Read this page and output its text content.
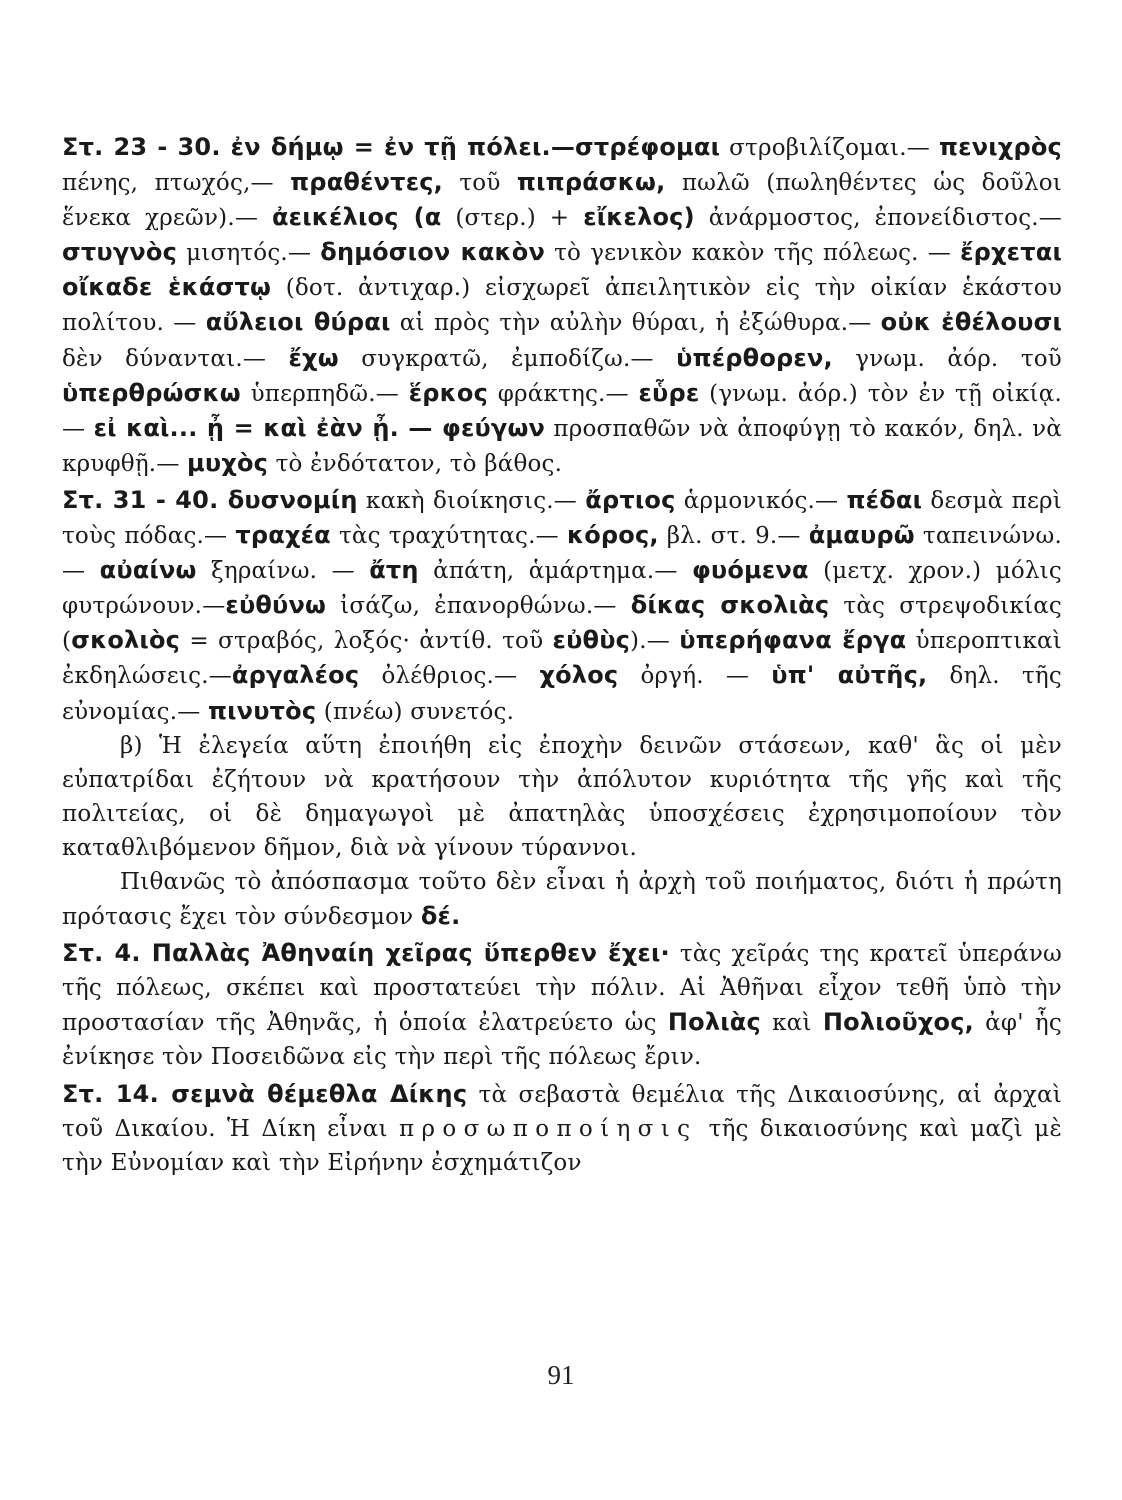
Στ. 23 - 30. ἐν δήμῳ = ἐν τῇ πόλει.—στρέφομαι στροβιλίζομαι.— πενιχρὸς πένης, πτωχός,— πραθέντες, τοῦ πιπράσκω, πωλῶ (πωληθέντες ὡς δοῦλοι ἕνεκα χρεῶν).— ἀεικέλιος (α (στερ.) + εἴκελος) ἀνάρμοστος, ἐπονείδιστος.— στυγνὸς μισητός.— δημόσιον κακὸν τὸ γενικὸν κακὸν τῆς πόλεως. — ἔρχεται οἴκαδε ἑκάστῳ (δοτ. ἀντιχαρ.) εἰσχωρεῖ ἀπειλητικὸν εἰς τὴν οἰκίαν ἑκάστου πολίτου. — αὔλειοι θύραι αἱ πρὸς τὴν αὐλὴν θύραι, ἡ ἐξώθυρα.— οὐκ ἐθέλουσι δὲν δύνανται.— ἔχω συγκρατῶ, ἐμποδίζω.— ὑπέρθορεν, γνωμ. ἀόρ. τοῦ ὑπερθρώσκω ὑπερπηδῶ.— ἕρκος φράκτης.— εὗρε (γνωμ. ἀόρ.) τὸν ἐν τῇ οἰκίᾳ.— εἰ καὶ... ᾖ = καὶ ἐὰν ᾖ. — φεύγων προσπαθῶν νὰ ἀποφύγῃ τὸ κακόν, δηλ. νὰ κρυφθῇ.— μυχὸς τὸ ἐνδότατον, τὸ βάθος.

Στ. 31 - 40. δυσνομίη κακὴ διοίκησις.— ἄρτιος ἁρμονικός.— πέδαι δεσμὰ περὶ τοὺς πόδας.— τραχέα τὰς τραχύτητας.— κόρος, βλ. στ. 9.— ἀμαυρῶ ταπεινώνω.— αὐαίνω ξηραίνω. — ἄτη ἀπάτη, ἁμάρτημα.— φυόμενα (μετχ. χρον.) μόλις φυτρώνουν.—εὐθύνω ἰσάζω, ἐπανορθώνω.— δίκας σκολιὰς τὰς στρεψοδικίας (σκολιὸς = στραβός, λοξός· ἀντίθ. τοῦ εὐθὺς).— ὑπερήφανα ἔργα ὑπεροπτικαὶ ἐκδηλώσεις.—ἀργαλέος ὀλέθριος.— χόλος ὀργή. — ὑπ' αὐτῆς, δηλ. τῆς εὐνομίας.— πινυτὸς (πνέω) συνετός.

β) Ἡ ἐλεγεία αὕτη ἐποιήθη εἰς ἐποχὴν δεινῶν στάσεων, καθ' ἃς οἱ μὲν εὐπατρίδαι ἐζήτουν νὰ κρατήσουν τὴν ἀπόλυτον κυριότητα τῆς γῆς καὶ τῆς πολιτείας, οἱ δὲ δημαγωγοὶ μὲ ἀπατηλὰς ὑποσχέσεις ἐχρησιμοποίουν τὸν καταθλιβόμενον δῆμον, διὰ νὰ γίνουν τύραννοι.

Πιθανῶς τὸ ἀπόσπασμα τοῦτο δὲν εἶναι ἡ ἀρχὴ τοῦ ποιήματος, διότι ἡ πρώτη πρότασις ἔχει τὸν σύνδεσμον δέ.

Στ. 4. Παλλὰς Ἀθηναίη χεῖρας ὕπερθεν ἔχει· τὰς χεῖράς της κρατεῖ ὑπεράνω τῆς πόλεως, σκέπει καὶ προστατεύει τὴν πόλιν. Αἱ Ἀθῆναι εἶχον τεθῆ ὑπὸ τὴν προστασίαν τῆς Ἀθηνᾶς, ἡ ὁποία ἐλατρεύετο ὡς Πολιὰς καὶ Πολιοῦχος, ἀφ' ἧς ἐνίκησε τὸν Ποσειδῶνα εἰς τὴν περὶ τῆς πόλεως ἔριν.

Στ. 14. σεμνὰ θέμεθλα Δίκης τὰ σεβαστὰ θεμέλια τῆς Δικαιοσύνης, αἱ ἀρχαὶ τοῦ Δικαίου. Ἡ Δίκη εἶναι προσωποποίησις τῆς δικαιοσύνης καὶ μαζὶ μὲ τὴν Εὐνομίαν καὶ τὴν Εἰρήνην ἐσχημάτιζον

91
